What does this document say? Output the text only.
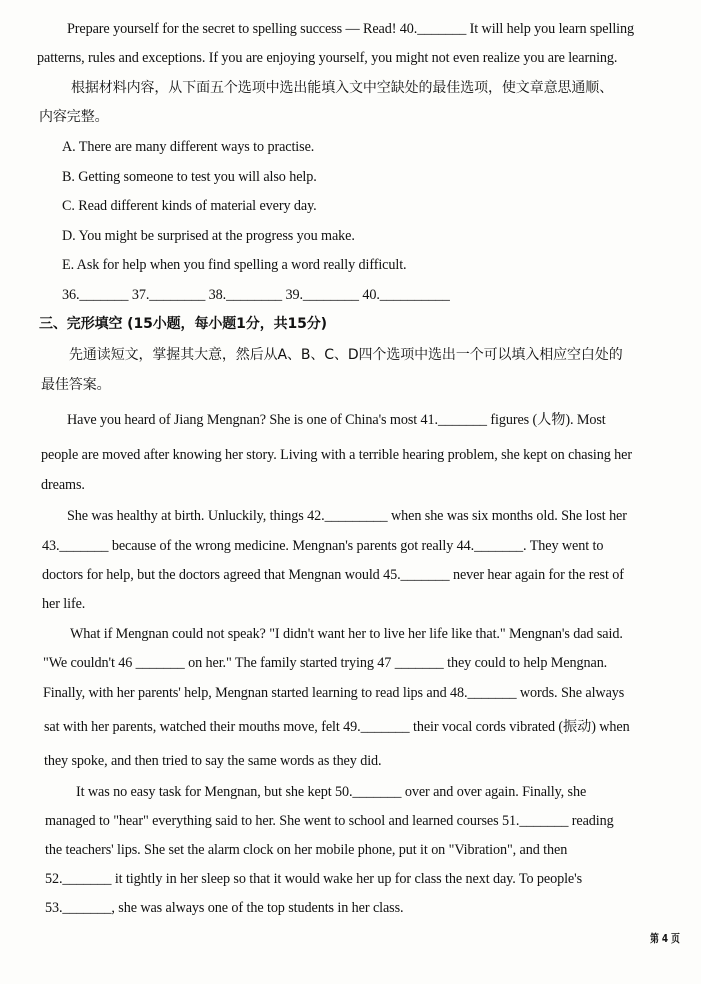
Prepare yourself for the secret to spelling success — Read! 40._______ It will help you learn spelling
patterns, rules and exceptions. If you are enjoying yourself, you might not even realize you are learning.
根据材料内容，从下面五个选项中选出能填入文中空缺处的最佳选项，使文章意思通顺、
内容完整。
A. There are many different ways to practise.
B. Getting someone to test you will also help.
C. Read different kinds of material every day.
D. You might be surprised at the progress you make.
E. Ask for help when you find spelling a word really difficult.
36._______ 37.________ 38.________ 39.________ 40.__________
三、完形填空 (15小题，每小题1分，共15分)
先通读短文，掌握其大意，然后从A、B、C、D四个选项中选出一个可以填入相应空白处的
最佳答案。
Have you heard of Jiang Mengnan? She is one of China's most 41._______ figures (人物). Most
people are moved after knowing her story. Living with a terrible hearing problem, she kept on chasing her
dreams.
She was healthy at birth. Unluckily, things 42._________ when she was six months old. She lost her
43._______ because of the wrong medicine. Mengnan's parents got really 44._______. They went to
doctors for help, but the doctors agreed that Mengnan would 45._______ never hear again for the rest of
her life.
What if Mengnan could not speak? "I didn't want her to live her life like that." Mengnan's dad said.
"We couldn't 46 _______ on her." The family started trying 47 _______ they could to help Mengnan.
Finally, with her parents' help, Mengnan started learning to read lips and 48._______ words. She always
sat with her parents, watched their mouths move, felt 49._______ their vocal cords vibrated (振动) when
they spoke, and then tried to say the same words as they did.
It was no easy task for Mengnan, but she kept 50._______ over and over again. Finally, she
managed to "hear" everything said to her. She went to school and learned courses 51._______ reading
the teachers' lips. She set the alarm clock on her mobile phone, put it on "Vibration", and then
52._______ it tightly in her sleep so that it would wake her up for class the next day. To people's
53._______, she was always one of the top students in her class.
第 4 页
